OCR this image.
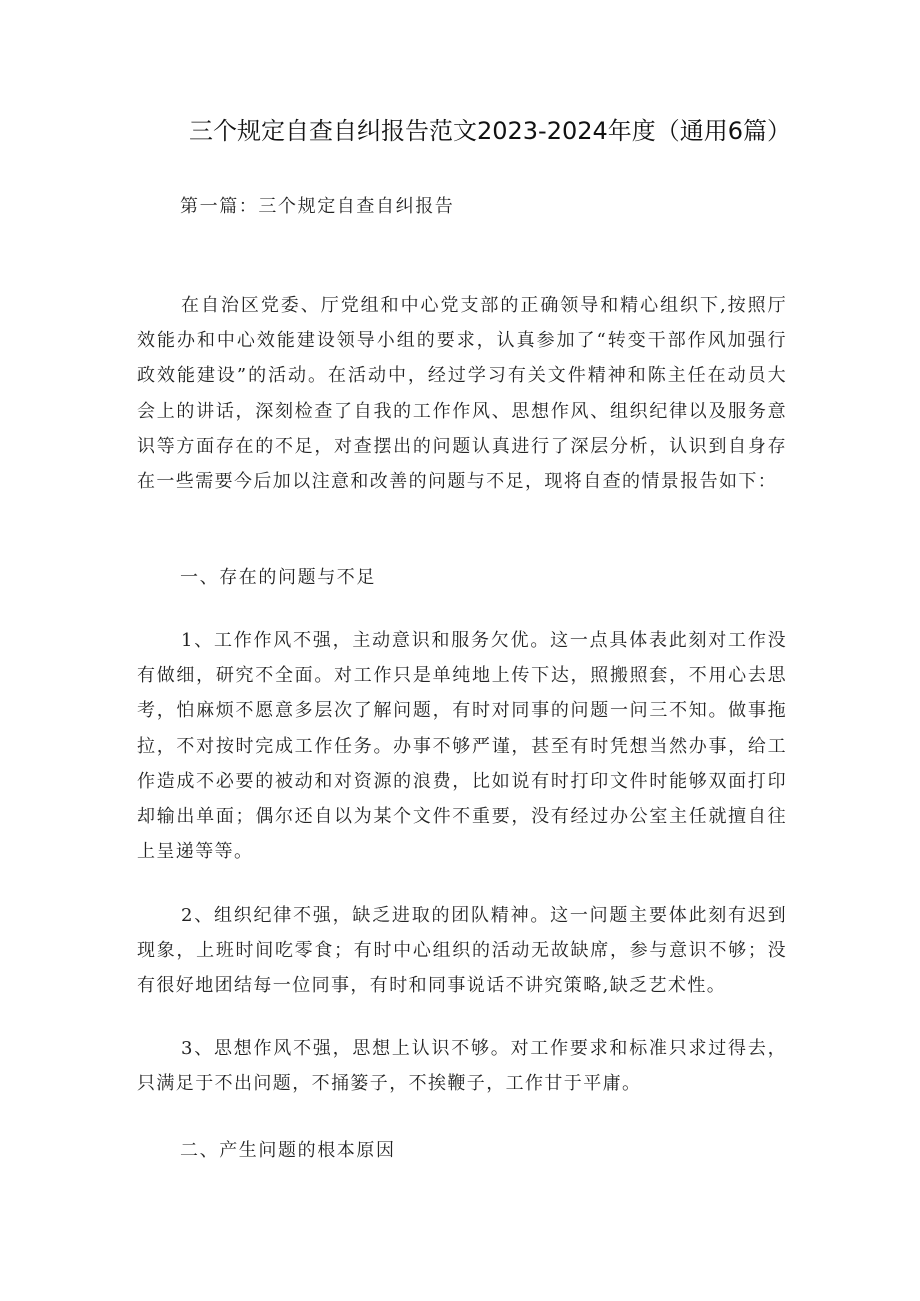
三个规定自查自纠报告范文2023-2024年度（通用6篇）
第一篇：三个规定自查自纠报告

在自治区党委、厅党组和中心党支部的正确领导和精心组织下,按照厅效能办和中心效能建设领导小组的要求，认真参加了“转变干部作风加强行政效能建设”的活动。在活动中，经过学习有关文件精神和陈主任在动员大会上的讲话，深刻检查了自我的工作作风、思想作风、组织纪律以及服务意识等方面存在的不足，对查摆出的问题认真进行了深层分析，认识到自身存在一些需要今后加以注意和改善的问题与不足，现将自查的情景报告如下：

一、存在的问题与不足

1、工作作风不强，主动意识和服务欠优。这一点具体表此刻对工作没有做细，研究不全面。对工作只是单纯地上传下达，照搬照套，不用心去思考，怕麻烦不愿意多层次了解问题，有时对同事的问题一问三不知。做事拖拉，不对按时完成工作任务。办事不够严谨，甚至有时凭想当然办事，给工作造成不必要的被动和对资源的浪费，比如说有时打印文件时能够双面打印却输出单面；偶尔还自以为某个文件不重要，没有经过办公室主任就擅自往上呈递等等。

2、组织纪律不强，缺乏进取的团队精神。这一问题主要体此刻有迟到现象，上班时间吃零食；有时中心组织的活动无故缺席，参与意识不够；没有很好地团结每一位同事，有时和同事说话不讲究策略,缺乏艺术性。

3、思想作风不强，思想上认识不够。对工作要求和标准只求过得去，只满足于不出问题，不捅篓子，不挨鞭子，工作甘于平庸。

二、产生问题的根本原因
